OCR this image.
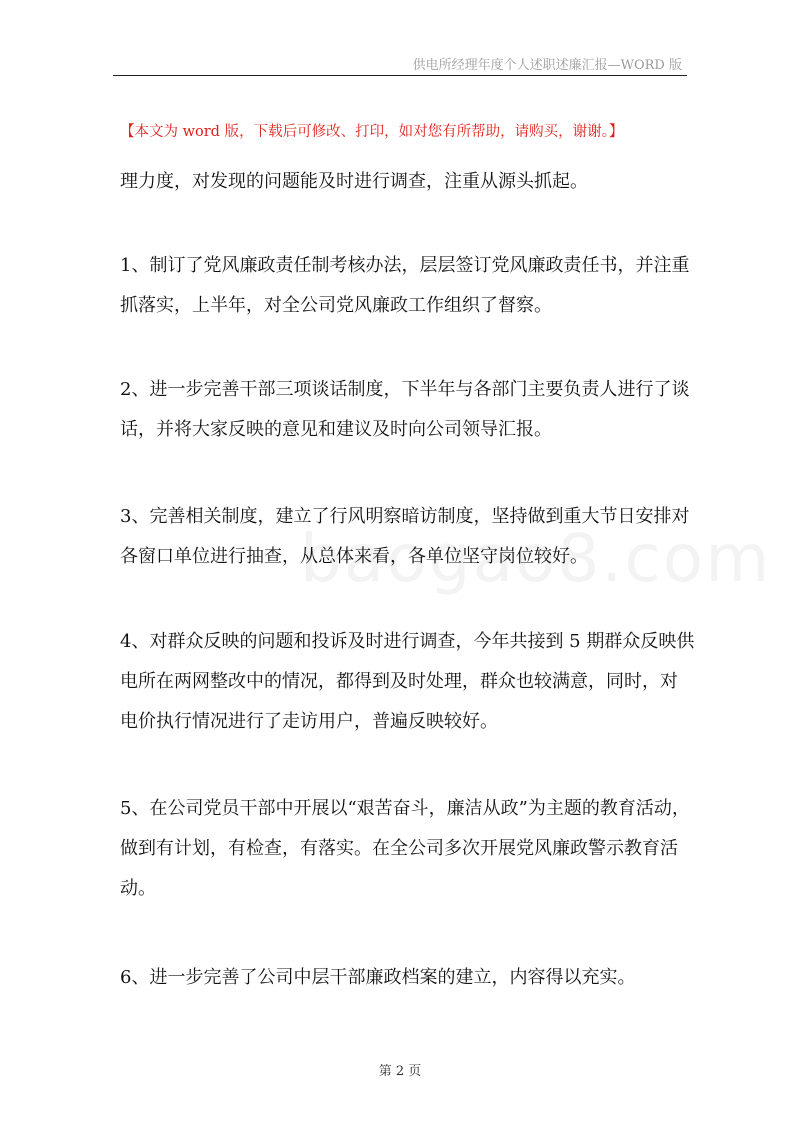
供电所经理年度个人述职述廉汇报—WORD 版
【本文为 word 版，下载后可修改、打印，如对您有所帮助，请购买，谢谢。】

理力度，对发现的问题能及时进行调查，注重从源头抓起。

1、制订了党风廉政责任制考核办法，层层签订党风廉政责任书，并注重抓落实，上半年，对全公司党风廉政工作组织了督察。

2、进一步完善干部三项谈话制度，下半年与各部门主要负责人进行了谈话，并将大家反映的意见和建议及时向公司领导汇报。

3、完善相关制度，建立了行风明察暗访制度，坚持做到重大节日安排对各窗口单位进行抽查，从总体来看，各单位坚守岗位较好。

4、对群众反映的问题和投诉及时进行调查，今年共接到 5 期群众反映供电所在两网整改中的情况，都得到及时处理，群众也较满意，同时，对电价执行情况进行了走访用户，普遍反映较好。

5、在公司党员干部中开展以“艰苦奋斗，廉洁从政”为主题的教育活动，做到有计划，有检查，有落实。在全公司多次开展党风廉政警示教育活动。

6、进一步完善了公司中层干部廉政档案的建立，内容得以充实。

第 2 页
